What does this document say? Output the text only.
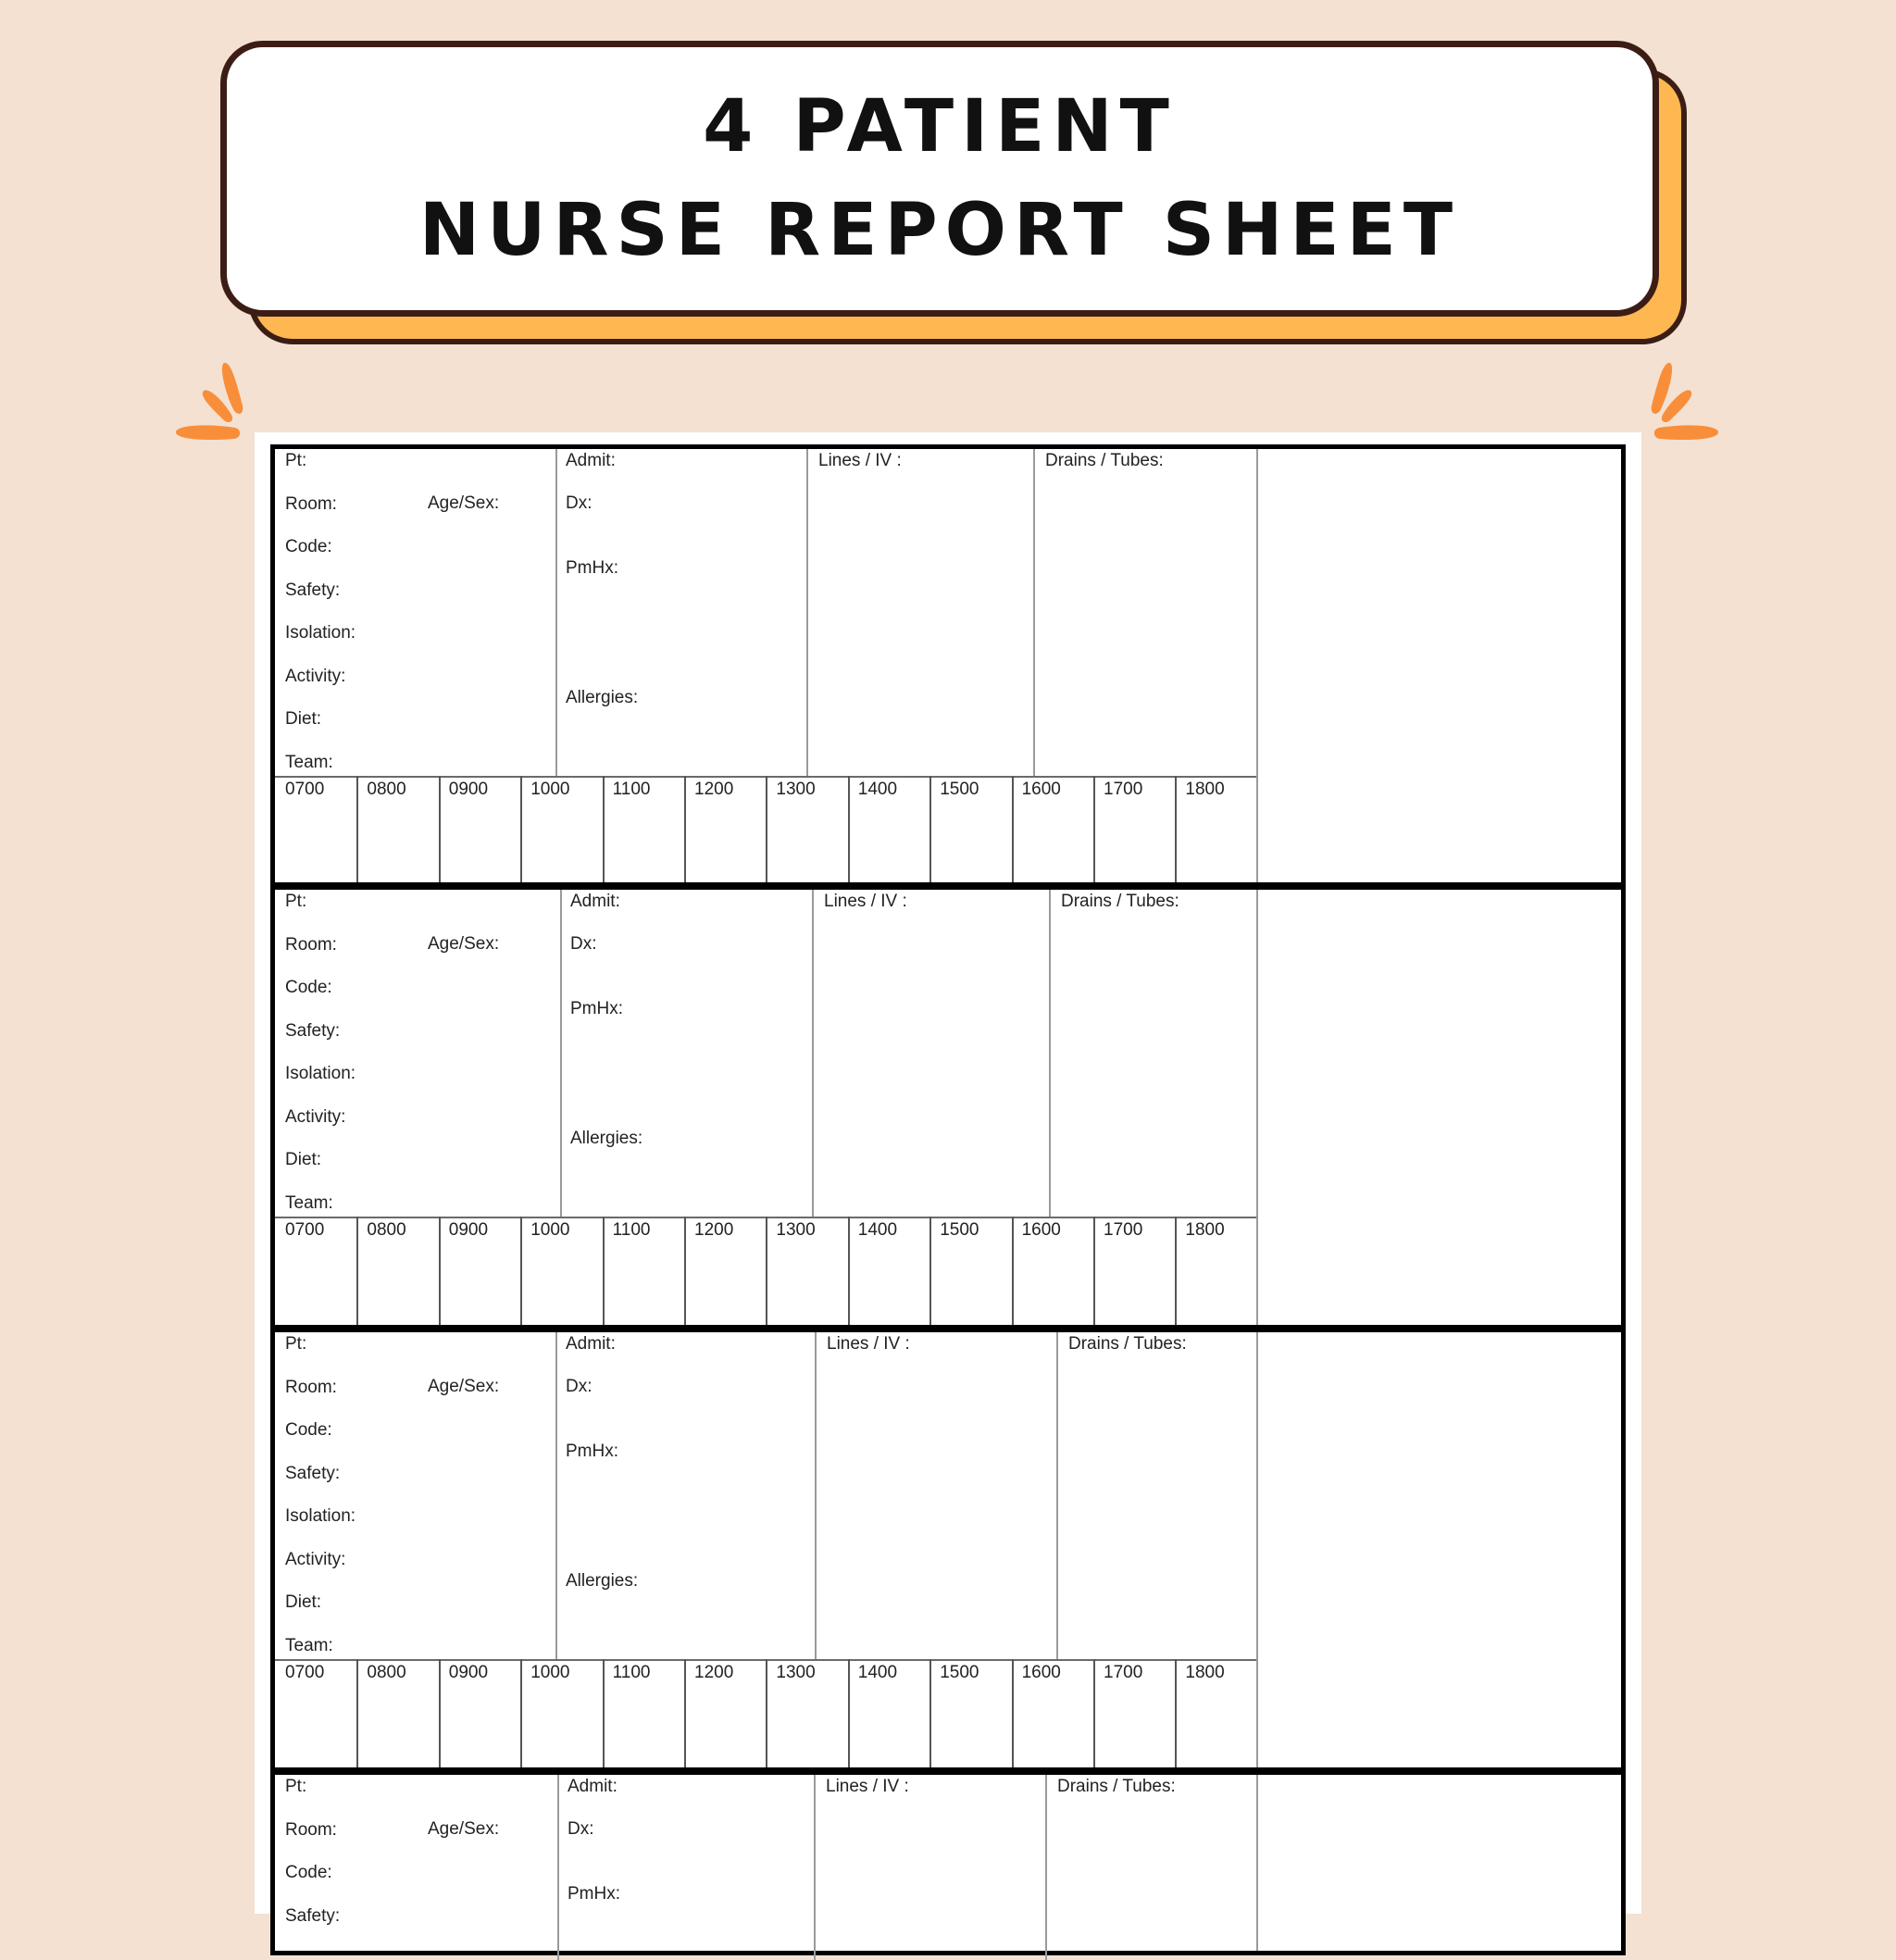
4 PATIENT
NURSE REPORT SHEET
Pt:
Room:
Code:
Safety:
Isolation:
Activity:
Diet:
Team:
Age/Sex:
Admit:
Dx:
PmHx:
Allergies:
Lines / IV :	Drains / Tubes:
0700 0800 0900 1000 1100	1200 1300 1400 1500 1600 1700 1800
Pt:
Room:
Code:
Safety:
Isolation:
Activity:
Diet:
Team:
Age/Sex:
Admit:
Dx:
PmHx:
Allergies:
Lines / IV :	Drains / Tubes:
0700 0800 0900 1000 1100	1200 1300 1400 1500 1600 1700 1800
Pt:
Room:
Code:
Safety:
Isolation:
Activity:
Diet:
Team:
Age/Sex:
Admit:
Dx:
PmHx:
Allergies:
Lines / IV :	Drains / Tubes:
0700 0800 0900 1000 1100	1200 1300 1400 1500 1600 1700 1800
Pt:
Room:
Code:
Safety:
Age/Sex:
Admit:
Dx:
PmHx:
Lines / IV :	Drains / Tubes:
